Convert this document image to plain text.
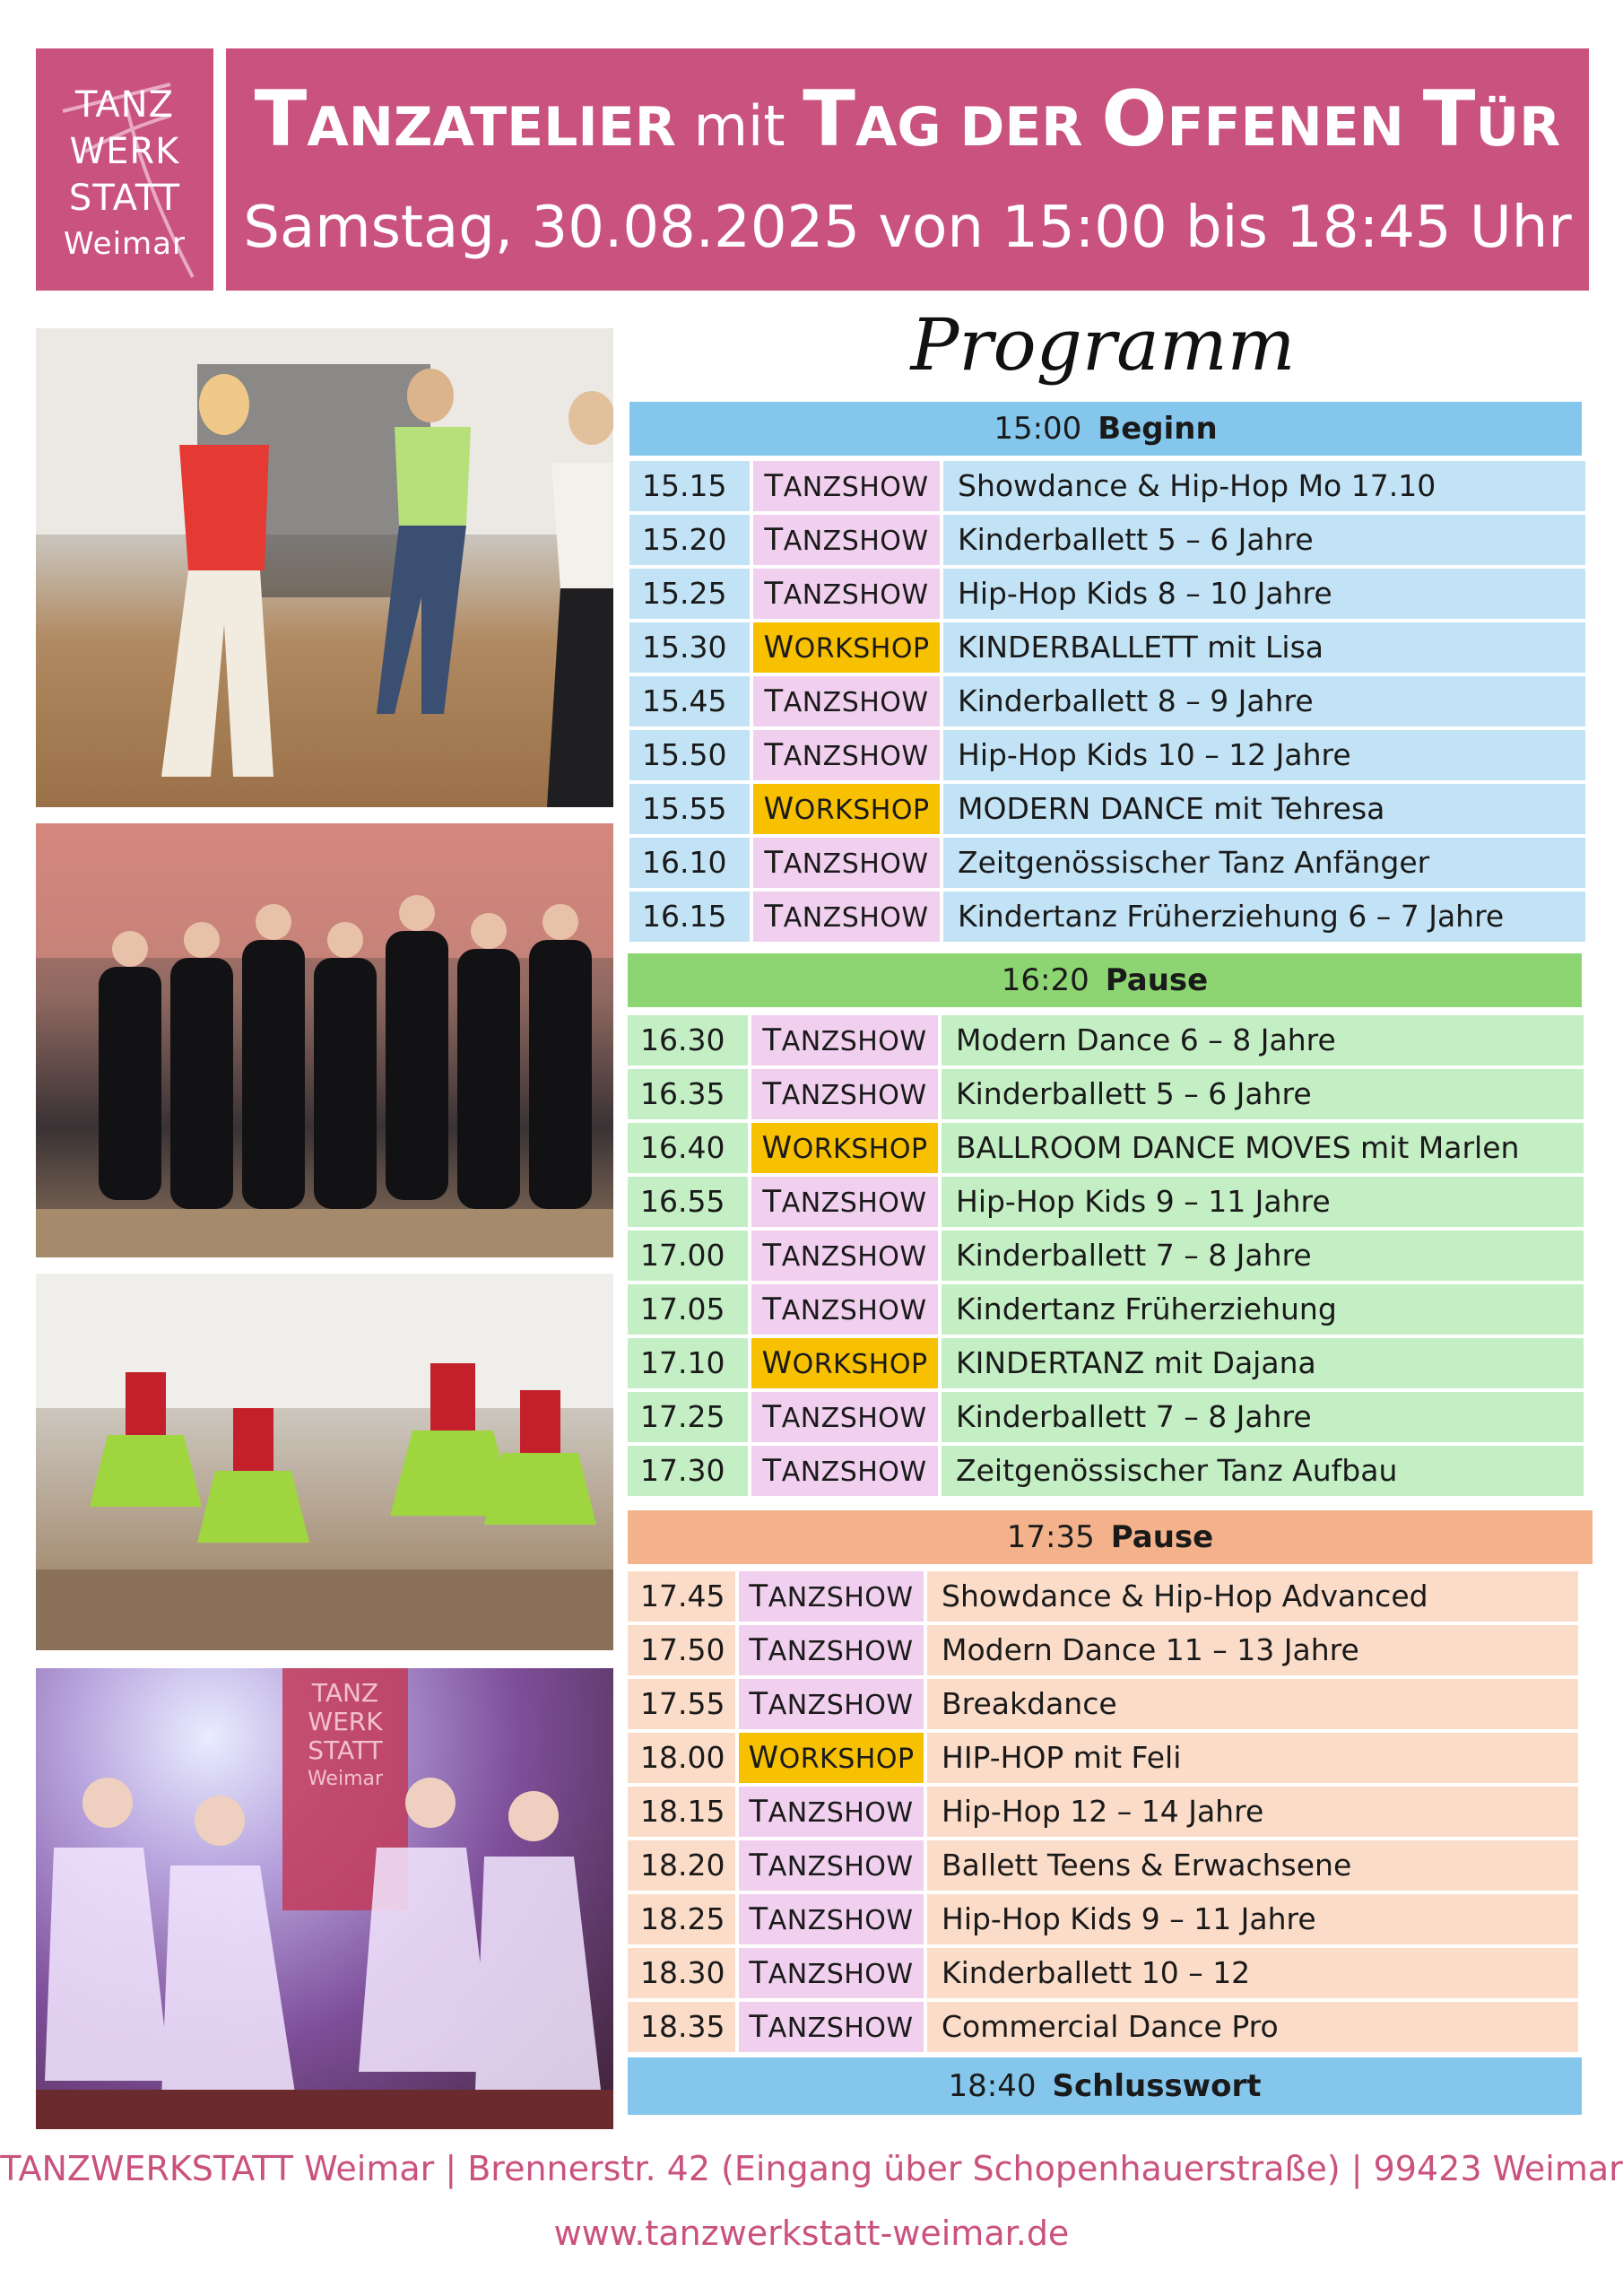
TANZ
WERK
STATT
Weimar
TANZATELIER mit TAG DER OFFENEN TÜR
Samstag, 30.08.2025 von 15:00 bis 18:45 Uhr
TANZ
WERK
STATT
Weimar
Programm
15:00 Beginn
15.15	TANZSHOW Showdance & Hip-Hop Mo 17.10
15.20	TANZSHOW Kinderballett 5 – 6 Jahre
15.25	TANZSHOW Hip-Hop Kids 8 – 10 Jahre
15.30	WORKSHOP KINDERBALLETT mit Lisa
15.45	TANZSHOW Kinderballett 8 – 9 Jahre
15.50	TANZSHOW Hip-Hop Kids 10 – 12 Jahre
15.55	WORKSHOP MODERN DANCE mit Tehresa
16.10	TANZSHOW Zeitgenössischer Tanz Anfänger
16.15	TANZSHOW Kindertanz Früherziehung 6 – 7 Jahre
16:20 Pause
16.30	TANZSHOW Modern Dance 6 – 8 Jahre
16.35	TANZSHOW Kinderballett 5 – 6 Jahre
16.40	WORKSHOP BALLROOM DANCE MOVES mit Marlen
16.55	TANZSHOW Hip-Hop Kids 9 – 11 Jahre
17.00	TANZSHOW Kinderballett 7 – 8 Jahre
17.05	TANZSHOW Kindertanz Früherziehung
17.10	WORKSHOP KINDERTANZ mit Dajana
17.25	TANZSHOW Kinderballett 7 – 8 Jahre
17.30	TANZSHOW Zeitgenössischer Tanz Aufbau
17:35 Pause
17.45 TANZSHOW Showdance & Hip-Hop Advanced
17.50 TANZSHOW Modern Dance 11 – 13 Jahre
17.55 TANZSHOW Breakdance
18.00 WORKSHOP HIP-HOP mit Feli
18.15 TANZSHOW Hip-Hop 12 – 14 Jahre
18.20 TANZSHOW Ballett Teens & Erwachsene
18.25 TANZSHOW Hip-Hop Kids 9 – 11 Jahre
18.30 TANZSHOW Kinderballett 10 – 12
18.35 TANZSHOW Commercial Dance Pro
18:40 Schlusswort
TANZWERKSTATT Weimar | Brennerstr. 42 (Eingang über Schopenhauerstraße) | 99423 Weimar
www.tanzwerkstatt-weimar.de
